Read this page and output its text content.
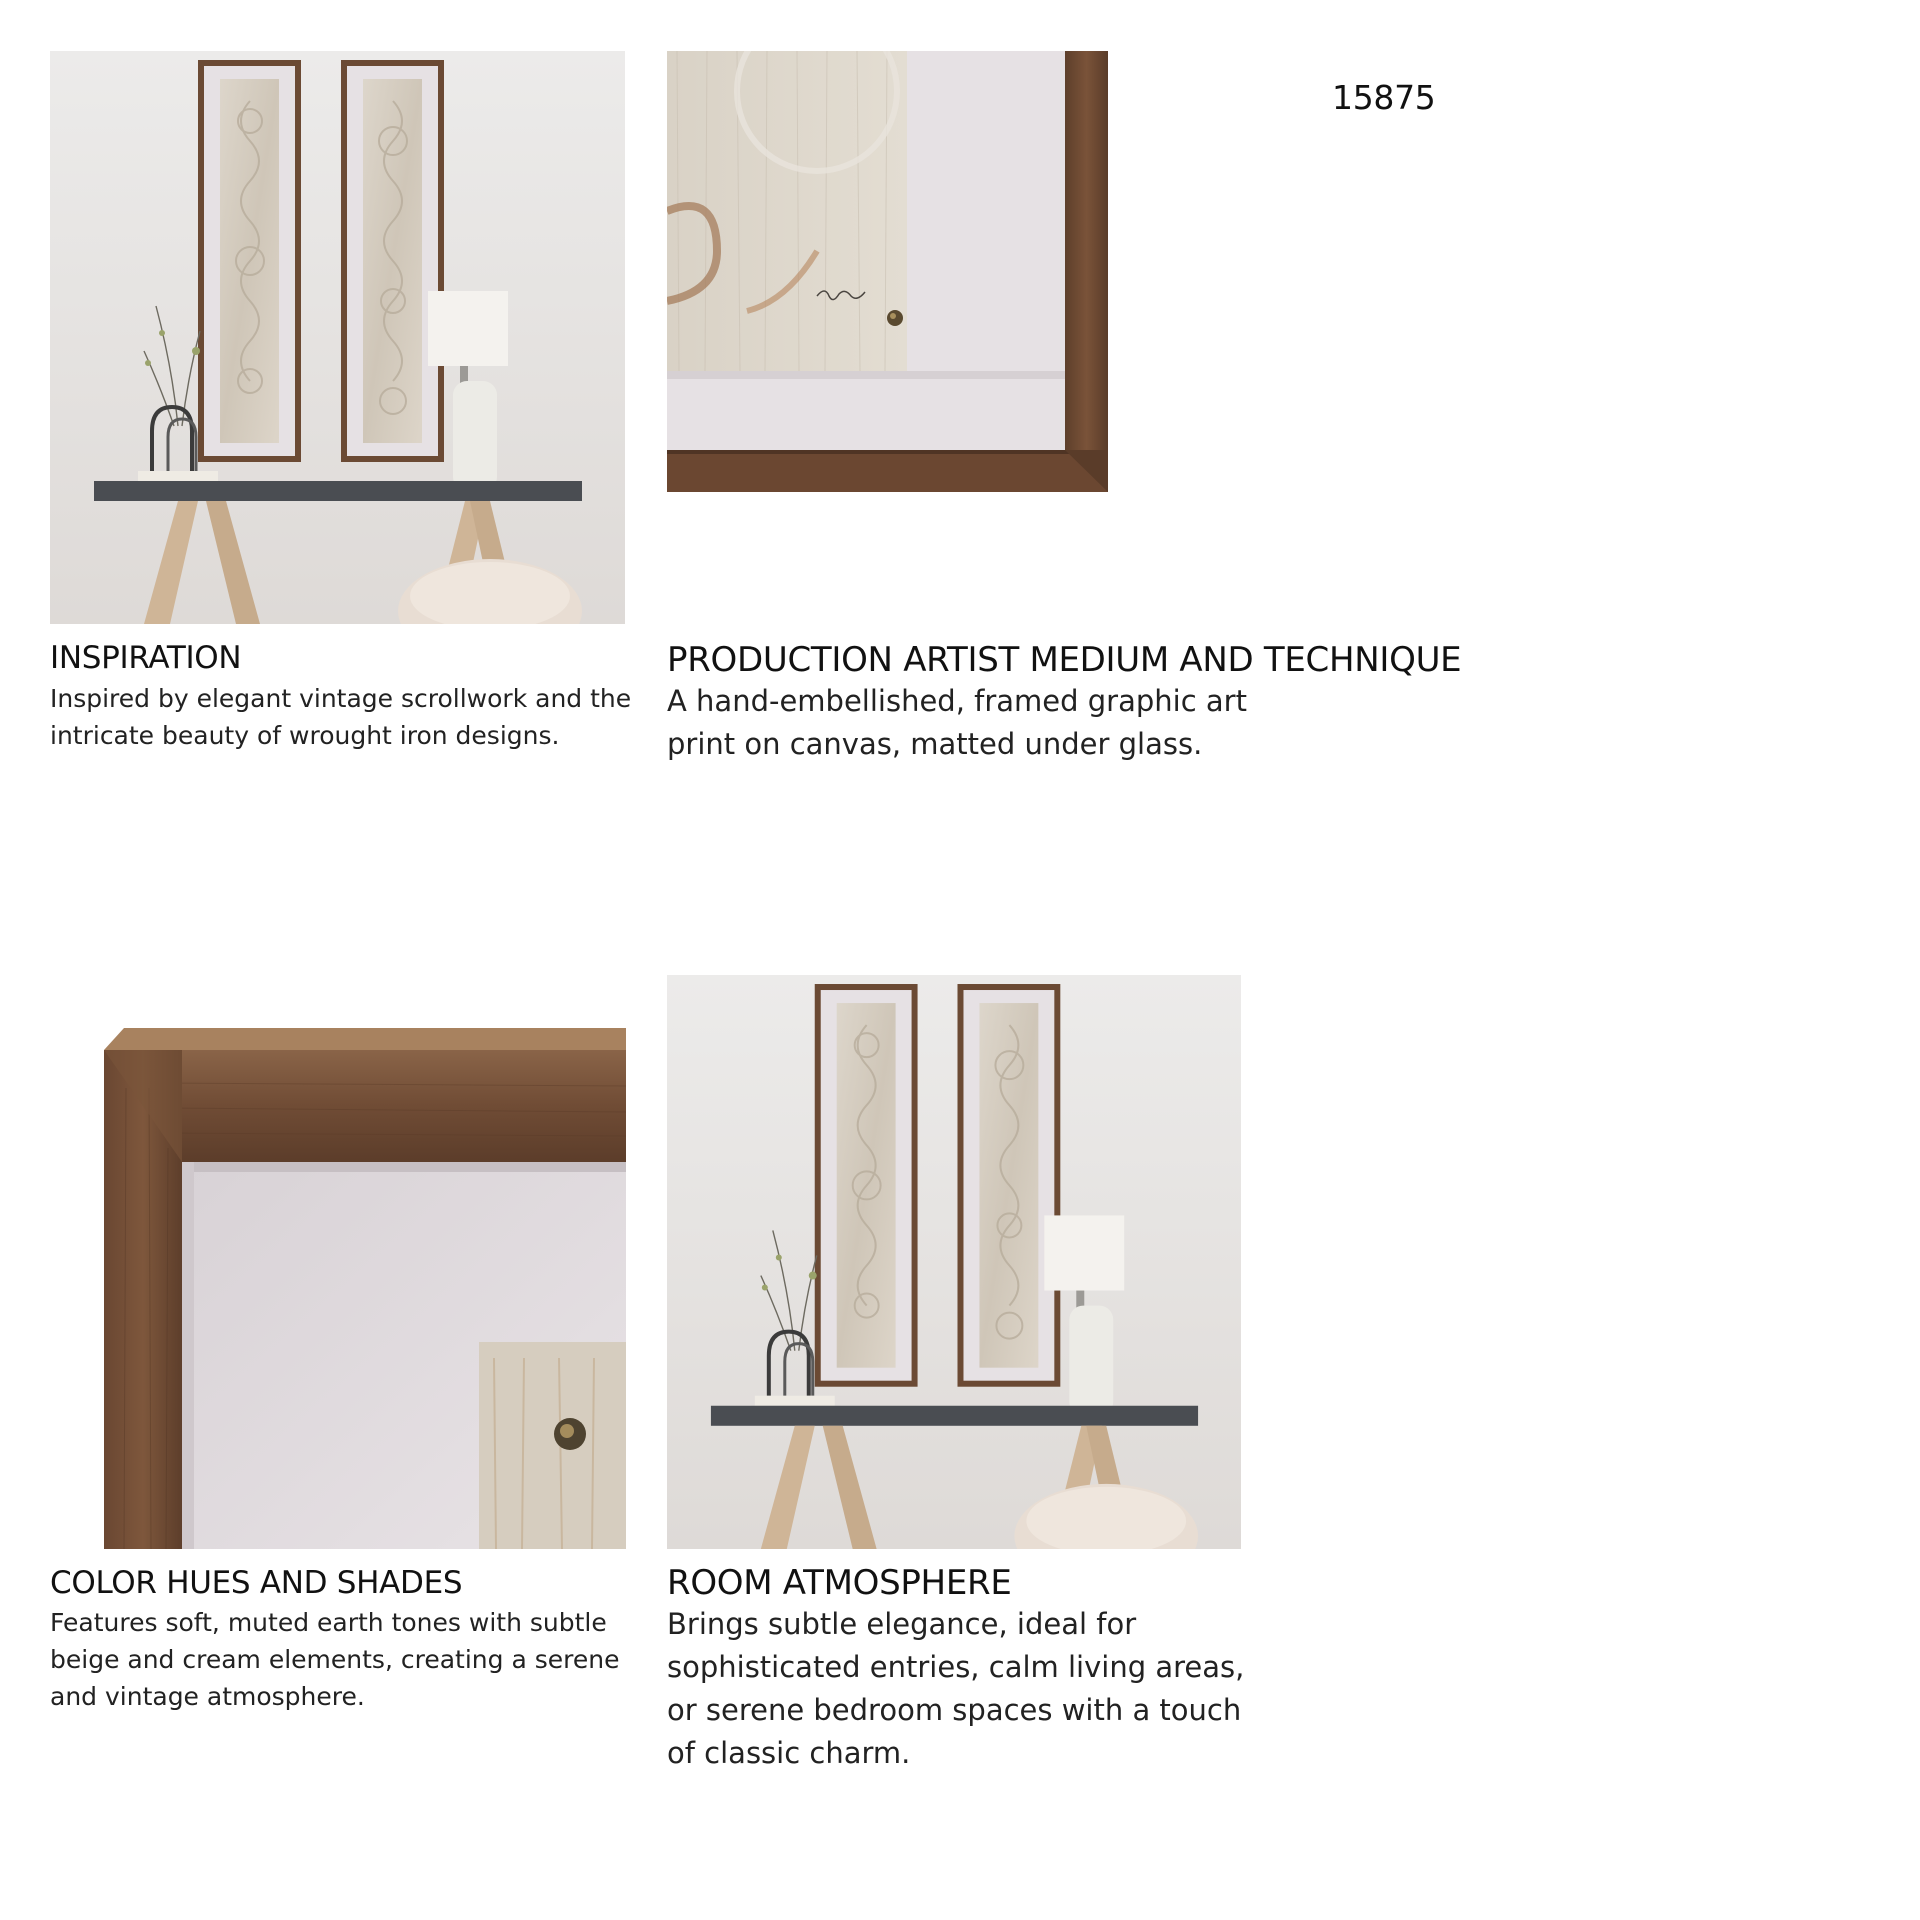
15875
INSPIRATION

Inspired by elegant vintage scrollwork and the intricate beauty of wrought iron designs.

PRODUCTION ARTIST MEDIUM AND TECHNIQUE

A hand-embellished, framed graphic art print on canvas, matted under glass.

COLOR HUES AND SHADES

Features soft, muted earth tones with subtle beige and cream elements, creating a serene and vintage atmosphere.

ROOM ATMOSPHERE

Brings subtle elegance, ideal for sophisticated entries, calm living areas, or serene bedroom spaces with a touch of classic charm.
